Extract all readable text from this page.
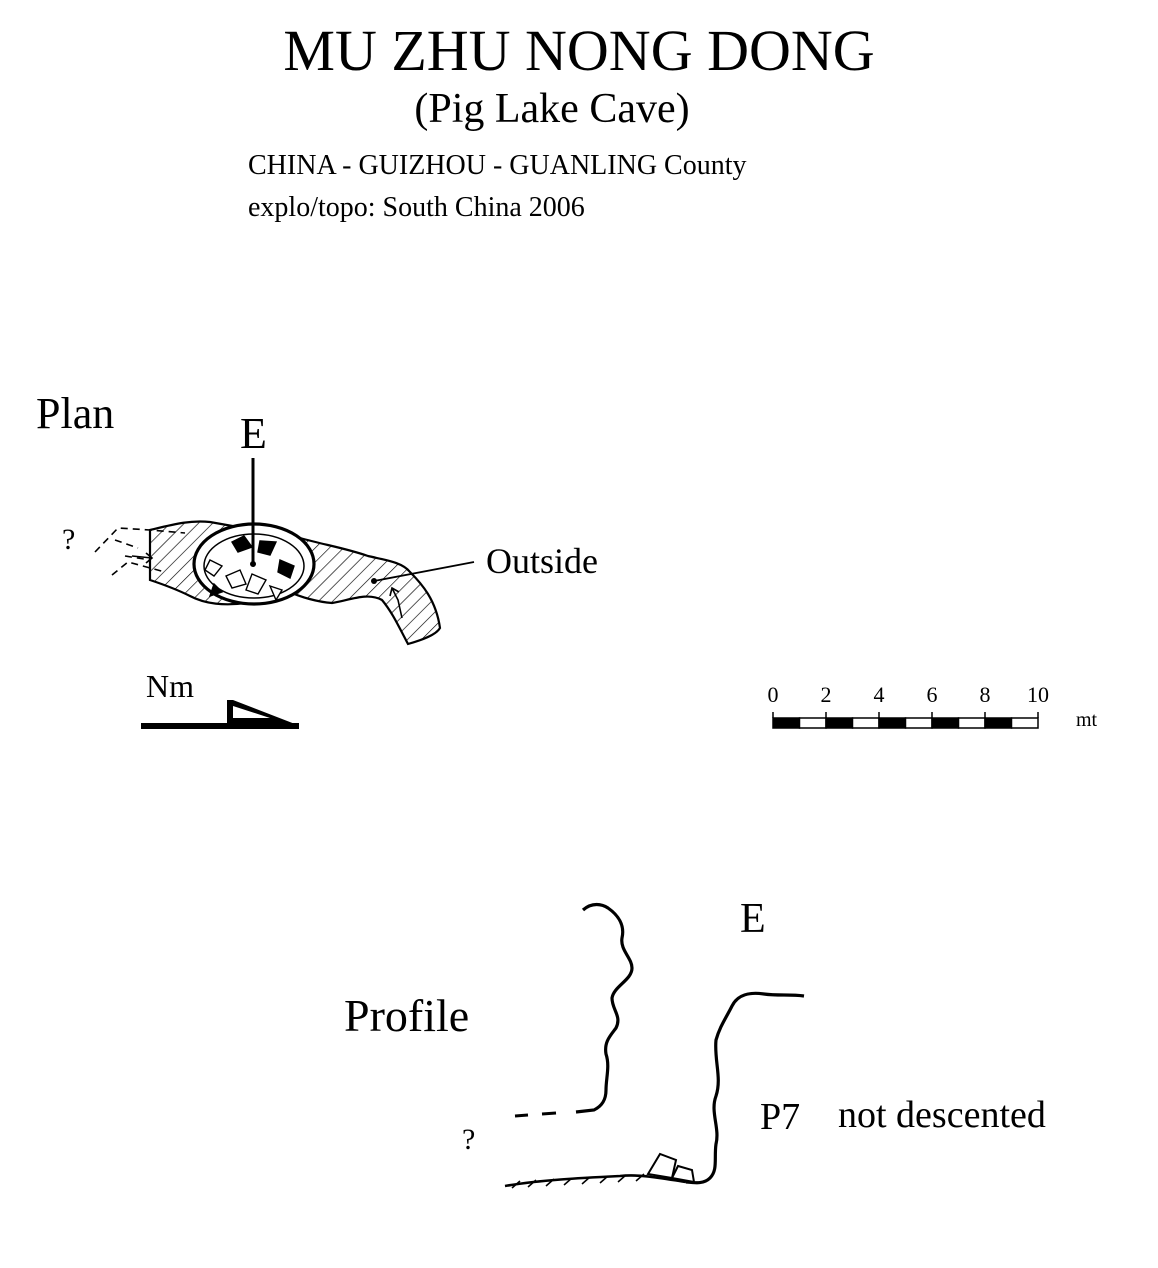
MU ZHU NONG DONG
(Pig Lake Cave)
CHINA - GUIZHOU - GUANLING County
explo/topo: South China 2006
Plan	E
?
Outside
Nm	0 2 4 6 8 10
mt
Profile
E
?
P7 not descented
